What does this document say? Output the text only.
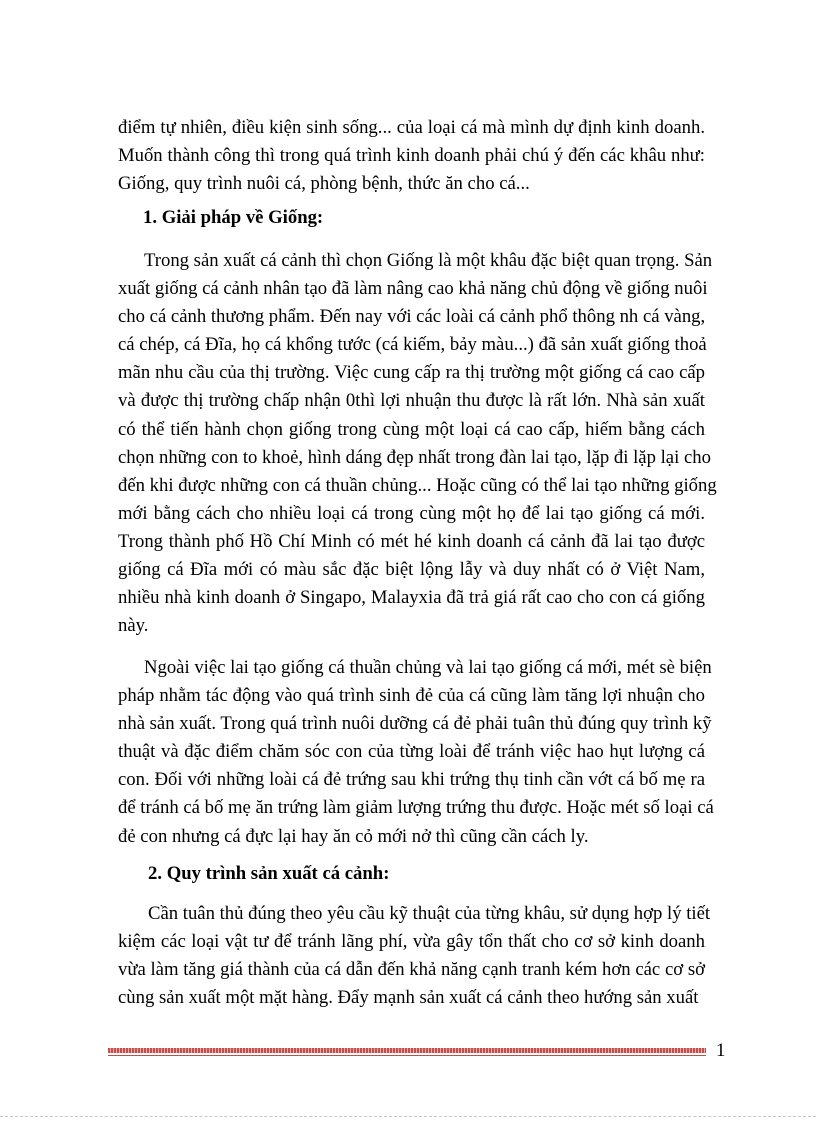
điểm tự nhiên, điều kiện sinh sống... của loại cá mà mình dự định kinh doanh.
Muốn thành công thì trong quá trình kinh doanh phải chú ý đến các khâu như:
Giống, quy trình nuôi cá, phòng bệnh, thức ăn cho cá...
1. Giải pháp về Giống:
Trong sản xuất cá cảnh thì chọn Giống là một khâu đặc biệt quan trọng. Sản
xuất giống cá cảnh nhân tạo đã làm nâng cao khả năng chủ động về giống nuôi
cho cá cảnh thương phẩm. Đến nay với các loài cá cảnh phổ thông nh cá vàng,
cá chép, cá Đĩa, họ cá khổng tước (cá kiếm, bảy màu...) đã sản xuất giống thoả
mãn nhu cầu của thị trường. Việc cung cấp ra thị trường một giống cá cao cấp
và được thị trường chấp nhận 0thì lợi nhuận thu được là rất lớn. Nhà sản xuất
có thể tiến hành chọn giống trong cùng một loại cá cao cấp, hiếm bằng cách
chọn những con to khoẻ, hình dáng đẹp nhất trong đàn lai tạo, lặp đi lặp lại cho
đến khi được những con cá thuần chủng... Hoặc cũng có thể lai tạo những giống
mới bằng cách cho nhiều loại cá trong cùng một họ để lai tạo giống cá mới.
Trong thành phố Hồ Chí Minh có mét hé kinh doanh cá cảnh đã lai tạo được
giống cá Đĩa mới có màu sắc đặc biệt lộng lẫy và duy nhất có ở Việt Nam,
nhiều nhà kinh doanh ở Singapo, Malayxia đã trả giá rất cao cho con cá giống
này.
Ngoài việc lai tạo giống cá thuần chủng và lai tạo giống cá mới, mét sè biện
pháp nhằm tác động vào quá trình sinh đẻ của cá cũng làm tăng lợi nhuận cho
nhà sản xuất. Trong quá trình nuôi dưỡng cá đẻ phải tuân thủ đúng quy trình kỹ
thuật và đặc điểm chăm sóc con của từng loài để tránh việc hao hụt lượng cá
con. Đối với những loài cá đẻ trứng sau khi trứng thụ tinh cần vớt cá bố mẹ ra
để tránh cá bố mẹ ăn trứng làm giảm lượng trứng thu được. Hoặc mét số loại cá
đẻ con nhưng cá đực lại hay ăn cỏ mới nở thì cũng cần cách ly.
2. Quy trình sản xuất cá cảnh:
Cần tuân thủ đúng theo yêu cầu kỹ thuật của từng khâu, sử dụng hợp lý tiết
kiệm các loại vật tư để tránh lãng phí, vừa gây tổn thất cho cơ sở kinh doanh
vừa làm tăng giá thành của cá dẫn đến khả năng cạnh tranh kém hơn các cơ sở
cùng sản xuất một mặt hàng. Đẩy mạnh sản xuất cá cảnh theo hướng sản xuất
1
